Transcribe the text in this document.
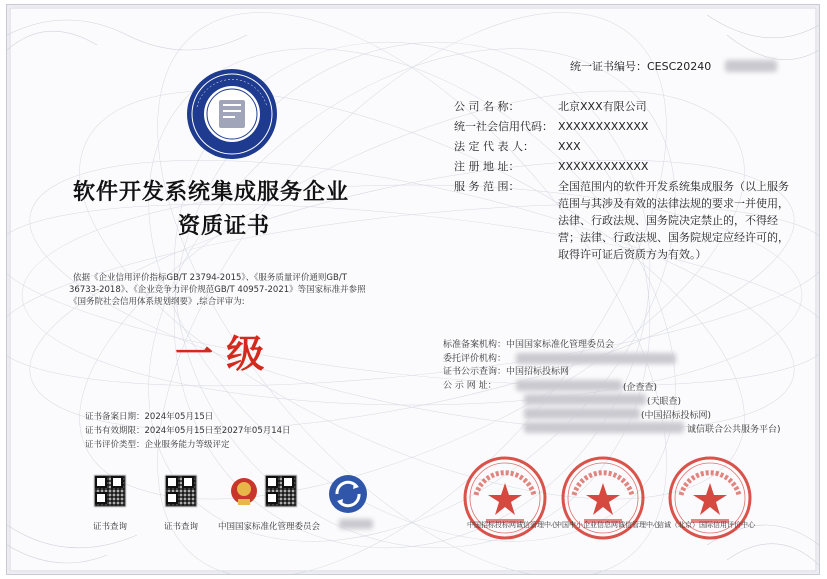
统一证书编号：CESC20240
公 司 名 称：	北京XXX有限公司
统一社会信用代码： XXXXXXXXXXXX
法 定 代 表 人： XXX
注 册 地 址：	XXXXXXXXXXXX
服 务 范 围：	全国范围内的软件开发系统集成服务（以上服务
范围与其涉及有效的法律法规的要求一并使用，
法律、行政法规、国务院决定禁止的，不得经
营；法律、行政法规、国务院规定应经许可的，
取得许可证后资质方为有效。）
软件开发系统集成服务企业
资质证书
依据《企业信用评价指标GB/T 23794-2015》、《服务质量评价通则GB/T
36733-2018》、《企业竞争力评价规范GB/T 40957-2021》等国家标准并参照
《国务院社会信用体系规划纲要》,综合评审为:
一 级
证书备案日期：2024年05月15日
证书有效期限：2024年05月15日至2027年05月14日
证书评价类型：企业服务能力等级评定
标准备案机构：中国国家标准化管理委员会
委托评价机构：
证书公示查询：中国招标投标网
公 示 网 址：	(企查查)
(天眼查)
(中国招标投标网)
诚信联合公共服务平台)
证书查询	证书查询 中国国家标准化管理委员会	中国招标投标网诚信管理中心
中国中小企业信息网诚信管理中心
信诚（北京）国际信用评价中心
